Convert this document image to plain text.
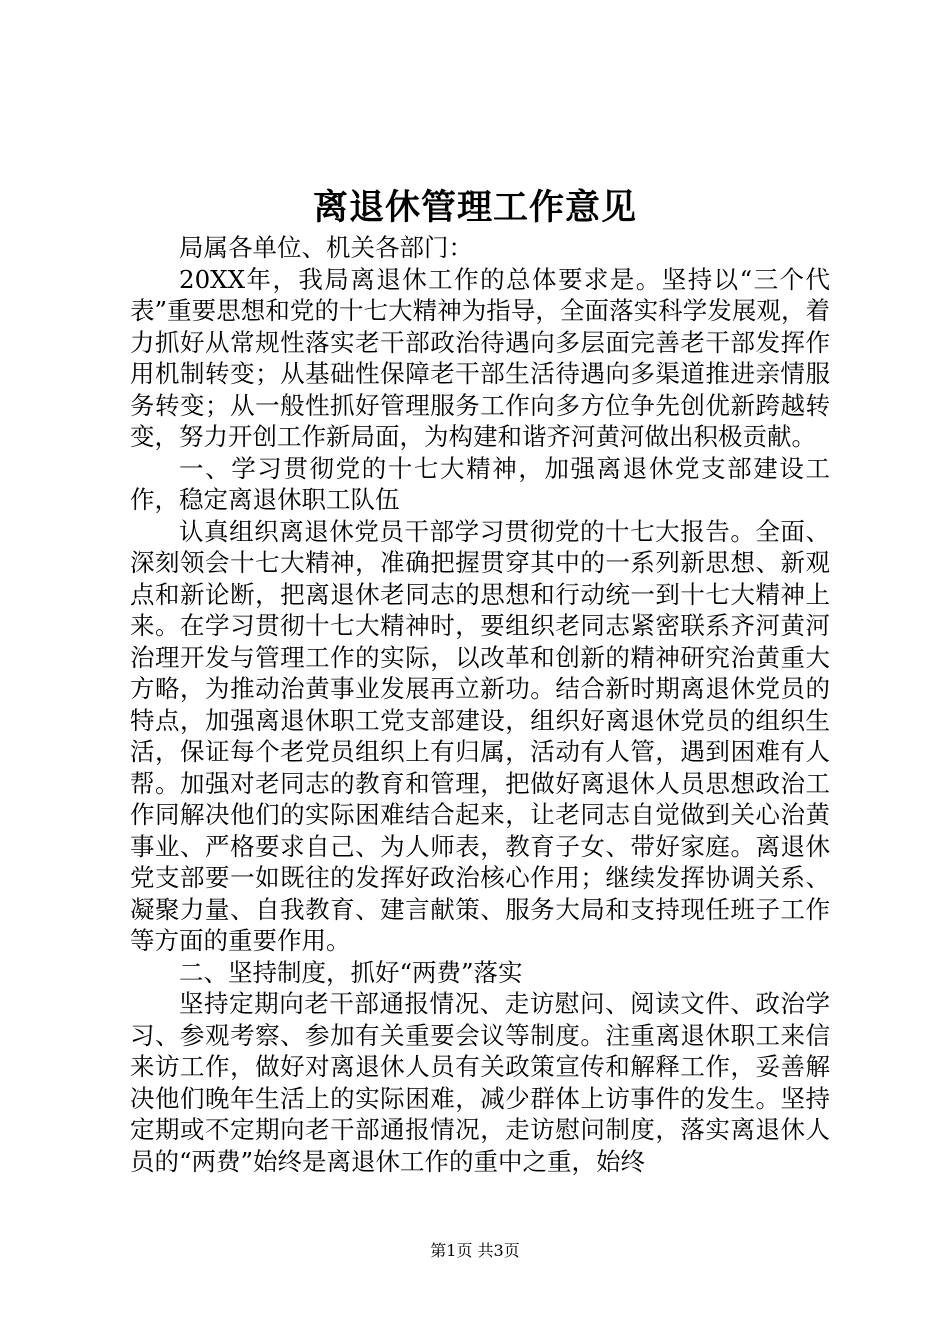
离退休管理工作意见

局属各单位、机关各部门：

20XX年，我局离退休工作的总体要求是。坚持以“三个代表”重要思想和党的十七大精神为指导，全面落实科学发展观，着力抓好从常规性落实老干部政治待遇向多层面完善老干部发挥作用机制转变；从基础性保障老干部生活待遇向多渠道推进亲情服务转变；从一般性抓好管理服务工作向多方位争先创优新跨越转变，努力开创工作新局面，为构建和谐齐河黄河做出积极贡献。

一、学习贯彻党的十七大精神，加强离退休党支部建设工作，稳定离退休职工队伍

认真组织离退休党员干部学习贯彻党的十七大报告。全面、深刻领会十七大精神，准确把握贯穿其中的一系列新思想、新观点和新论断，把离退休老同志的思想和行动统一到十七大精神上来。在学习贯彻十七大精神时，要组织老同志紧密联系齐河黄河治理开发与管理工作的实际，以改革和创新的精神研究治黄重大方略，为推动治黄事业发展再立新功。结合新时期离退休党员的特点，加强离退休职工党支部建设，组织好离退休党员的组织生活，保证每个老党员组织上有归属，活动有人管，遇到困难有人帮。加强对老同志的教育和管理，把做好离退休人员思想政治工作同解决他们的实际困难结合起来，让老同志自觉做到关心治黄事业、严格要求自己、为人师表，教育子女、带好家庭。离退休党支部要一如既往的发挥好政治核心作用；继续发挥协调关系、凝聚力量、自我教育、建言献策、服务大局和支持现任班子工作等方面的重要作用。

二、坚持制度，抓好“两费”落实

坚持定期向老干部通报情况、走访慰问、阅读文件、政治学习、参观考察、参加有关重要会议等制度。注重离退休职工来信来访工作，做好对离退休人员有关政策宣传和解释工作，妥善解决他们晚年生活上的实际困难，减少群体上访事件的发生。坚持定期或不定期向老干部通报情况，走访慰问制度，落实离退休人员的“两费”始终是离退休工作的重中之重，始终

第1页 共3页
